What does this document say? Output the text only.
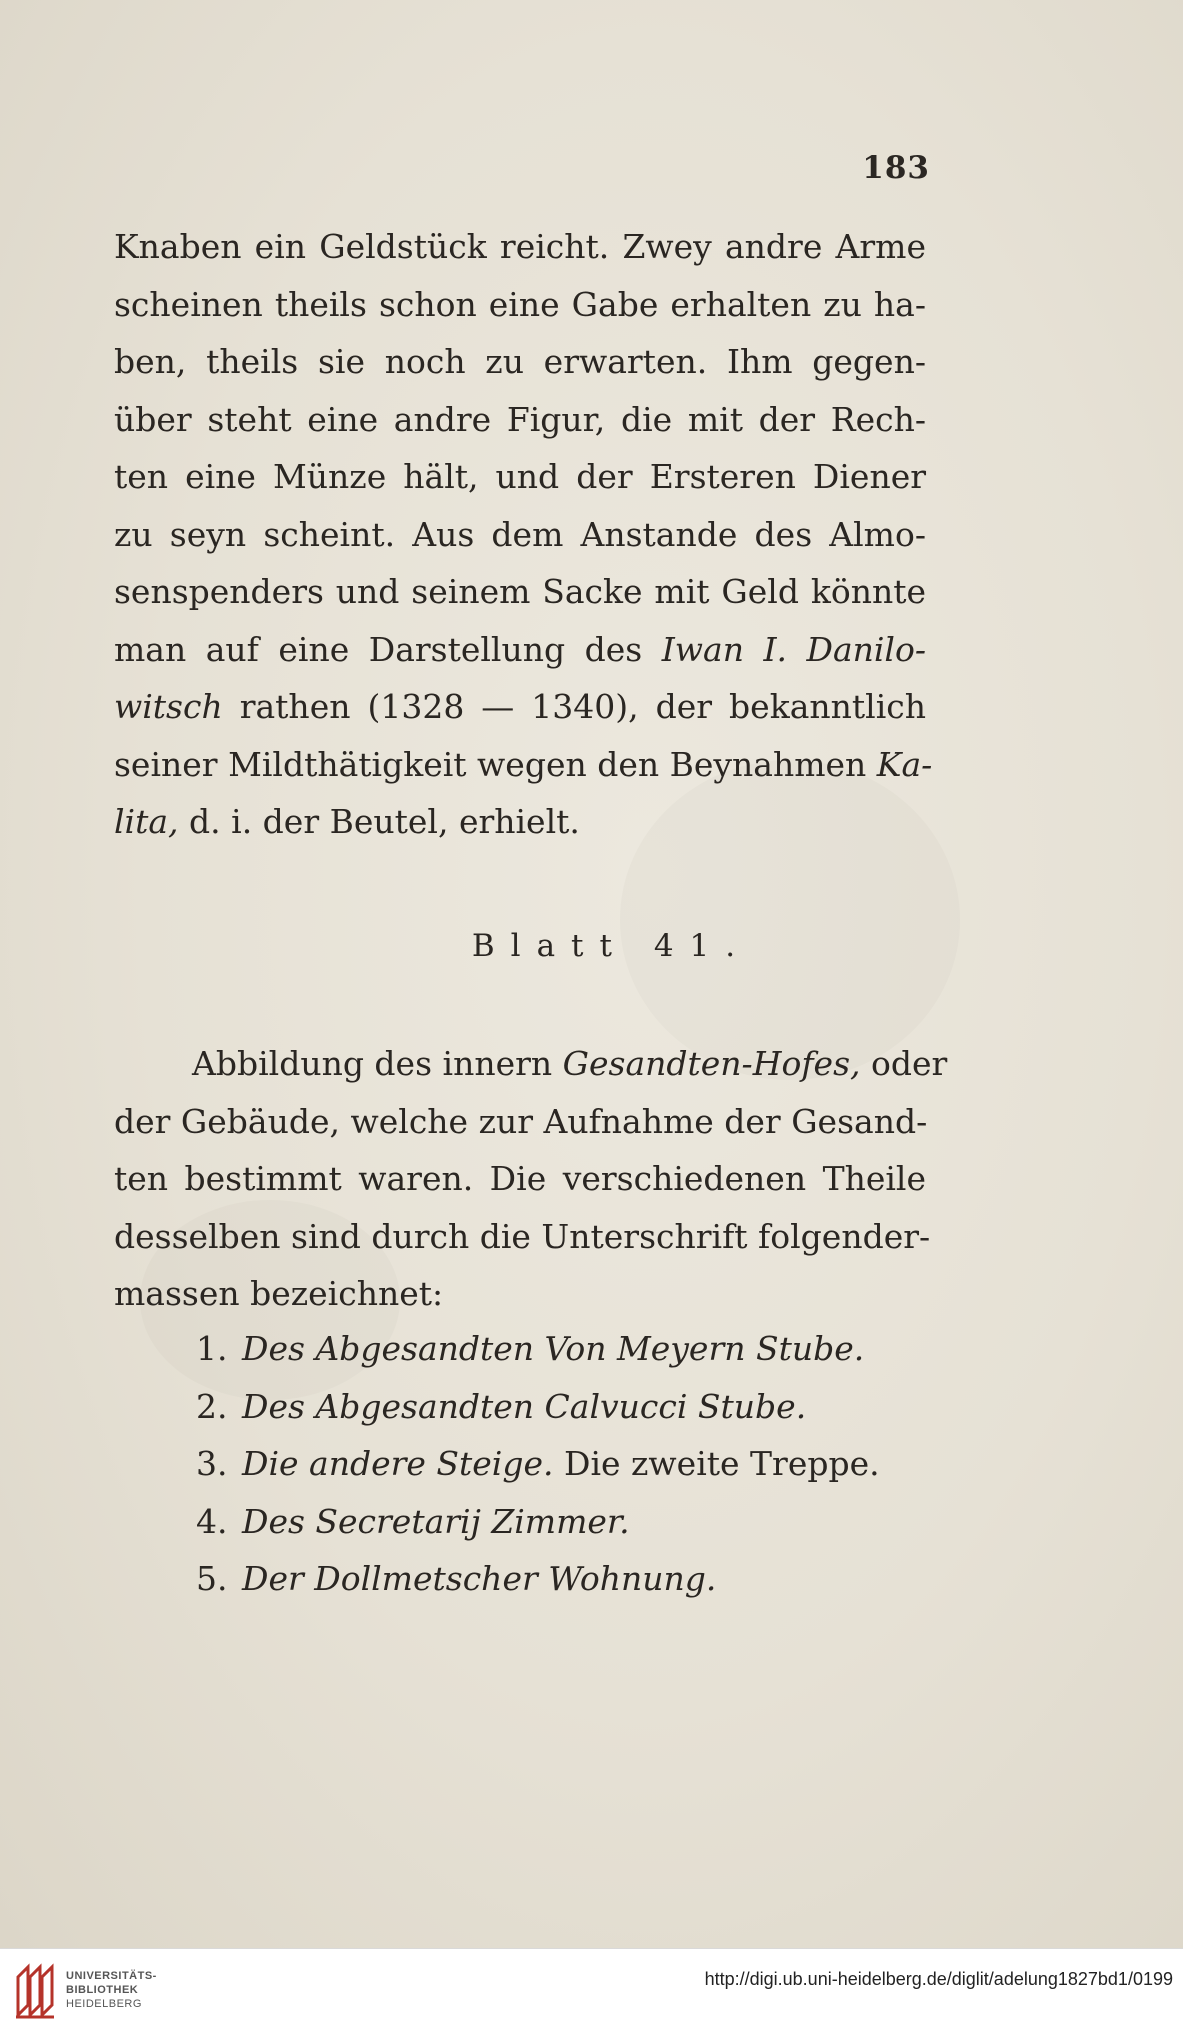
183
Knaben ein Geldstück reicht. Zwey andre Arme
scheinen theils schon eine Gabe erhalten zu ha-
ben, theils sie noch zu erwarten. Ihm gegen-
über steht eine andre Figur, die mit der Rech-
ten eine Münze hält, und der Ersteren Diener
zu seyn scheint. Aus dem Anstande des Almo-
senspenders und seinem Sacke mit Geld könnte
man auf eine Darstellung des Iwan I. Danilo-
witsch rathen (1328 — 1340), der bekanntlich
seiner Mildthätigkeit wegen den Beynahmen Ka-
lita, d. i. der Beutel, erhielt.
Blatt 41.
Abbildung des innern Gesandten-Hofes, oder
der Gebäude, welche zur Aufnahme der Gesand-
ten bestimmt waren. Die verschiedenen Theile
desselben sind durch die Unterschrift folgender-
massen bezeichnet:
1. Des Abgesandten Von Meyern Stube.
2. Des Abgesandten Calvucci Stube.
3. Die andere Steige. Die zweite Treppe.
4. Des Secretarij Zimmer.
5. Der Dollmetscher Wohnung.
UNIVERSITÄTS-
BIBLIOTHEK
HEIDELBERG
http://digi.ub.uni-heidelberg.de/diglit/adelung1827bd1/0199
